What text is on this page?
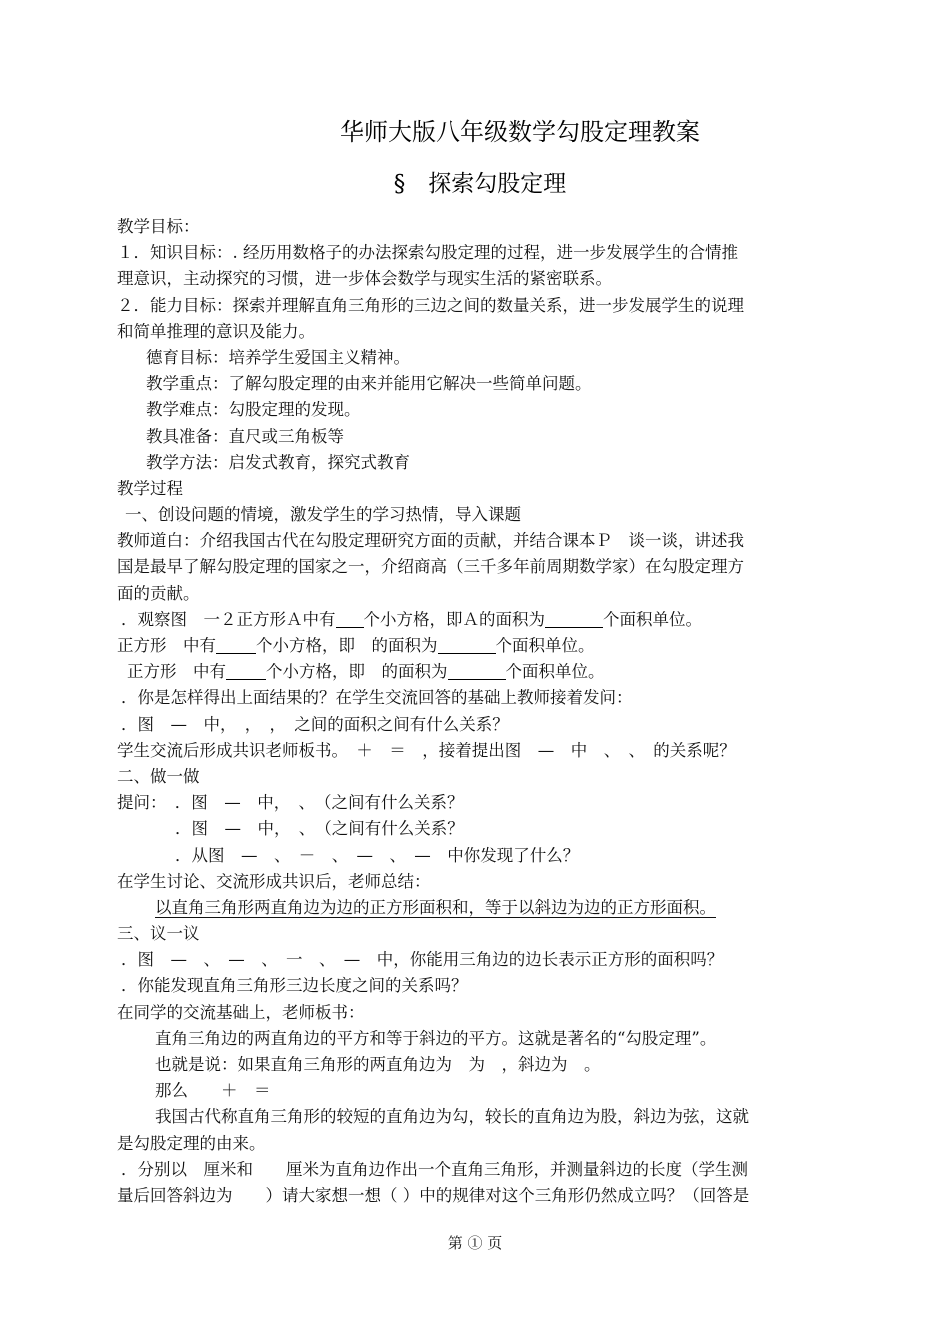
华师大版八年级数学勾股定理教案
§　探索勾股定理
教学目标：
１．知识目标：. 经历用数格子的办法探索勾股定理的过程，进一步发展学生的合情推
理意识，主动探究的习惯，进一步体会数学与现实生活的紧密联系。
２．能力目标：探索并理解直角三角形的三边之间的数量关系，进一步发展学生的说理
和简单推理的意识及能力。
德育目标：培养学生爱国主义精神。
教学重点：了解勾股定理的由来并能用它解决一些简单问题。
教学难点：勾股定理的发现。
教具准备：直尺或三角板等
教学方法：启发式教育，探究式教育
教学过程
一、创设问题的情境，激发学生的学习热情，导入课题
教师道白：介绍我国古代在勾股定理研究方面的贡献，并结合课本Ｐ　谈一谈，讲述我
国是最早了解勾股定理的国家之一，介绍商高（三千多年前周期数学家）在勾股定理方
面的贡献。
．观察图　一２正方形Ａ中有 个小方格，即Ａ的面积为	个面积单位。
正方形　中有 个小方格，即　的面积为	个面积单位。
正方形　中有 个小方格，即　的面积为	个面积单位。
．你是怎样得出上面结果的？在学生交流回答的基础上教师接着发问：
．图　—　中，　，　，　之间的面积之间有什么关系？
学生交流后形成共识老师板书。　＋　＝　，接着提出图　—　中　、　、　的关系呢？
二、做一做
提问：　．图　—　中，　、　（之间有什么关系？
．图　—　中，　、　（之间有什么关系？
．从图　—　、　－　、　—　、　—　中你发现了什么？
在学生讨论、交流形成共识后，老师总结：
以直角三角形两直角边为边的正方形面积和，等于以斜边为边的正方形面积。
三、议一议
．图　—　、　—　、　一　、　—　中，你能用三角边的边长表示正方形的面积吗？
．你能发现直角三角形三边长度之间的关系吗？
在同学的交流基础上，老师板书：
直角三角边的两直角边的平方和等于斜边的平方。这就是著名的“勾股定理”。
也就是说：如果直角三角形的两直角边为　为　，斜边为　。
那么　　＋　＝
我国古代称直角三角形的较短的直角边为勾，较长的直角边为股，斜边为弦，这就
是勾股定理的由来。
．分别以　厘米和　　厘米为直角边作出一个直角三角形，并测量斜边的长度（学生测
量后回答斜边为　　）请大家想一想（ ）中的规律对这个三角形仍然成立吗？（回答是
第 ① 页
